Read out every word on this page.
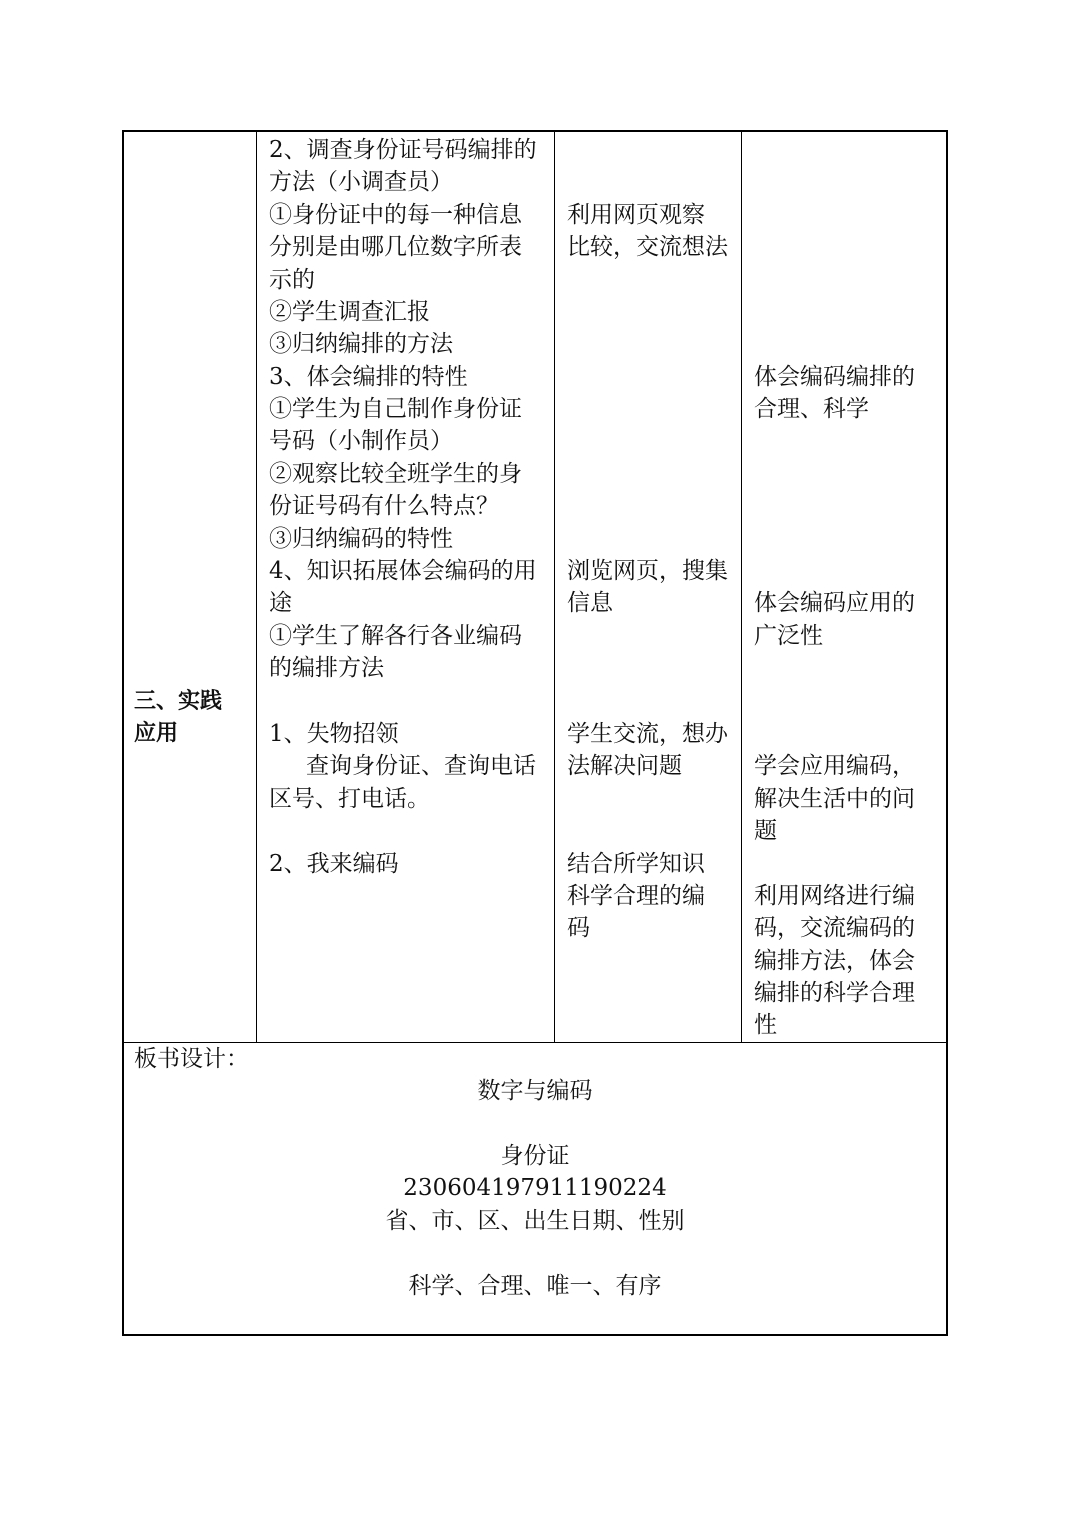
三、实践
应用
2、调查身份证号码编排的
方法（小调查员）
①身份证中的每一种信息
分别是由哪几位数字所表
示的
②学生调查汇报
③归纳编排的方法
3、体会编排的特性
①学生为自己制作身份证
号码（小制作员）
②观察比较全班学生的身
份证号码有什么特点？
③归纳编码的特性
4、知识拓展体会编码的用
途
①学生了解各行各业编码
的编排方法
1、失物招领
查询身份证、查询电话
区号、打电话。
2、我来编码
利用网页观察
比较，交流想法
浏览网页，搜集
信息
学生交流，想办
法解决问题
结合所学知识
科学合理的编
码
体会编码编排的
合理、科学
体会编码应用的
广泛性
学会应用编码，
解决生活中的问
题
利用网络进行编
码，交流编码的
编排方法，体会
编排的科学合理
性
板书设计：
数字与编码
身份证
230604197911190224
省、市、区、出生日期、性别
科学、合理、唯一、有序
